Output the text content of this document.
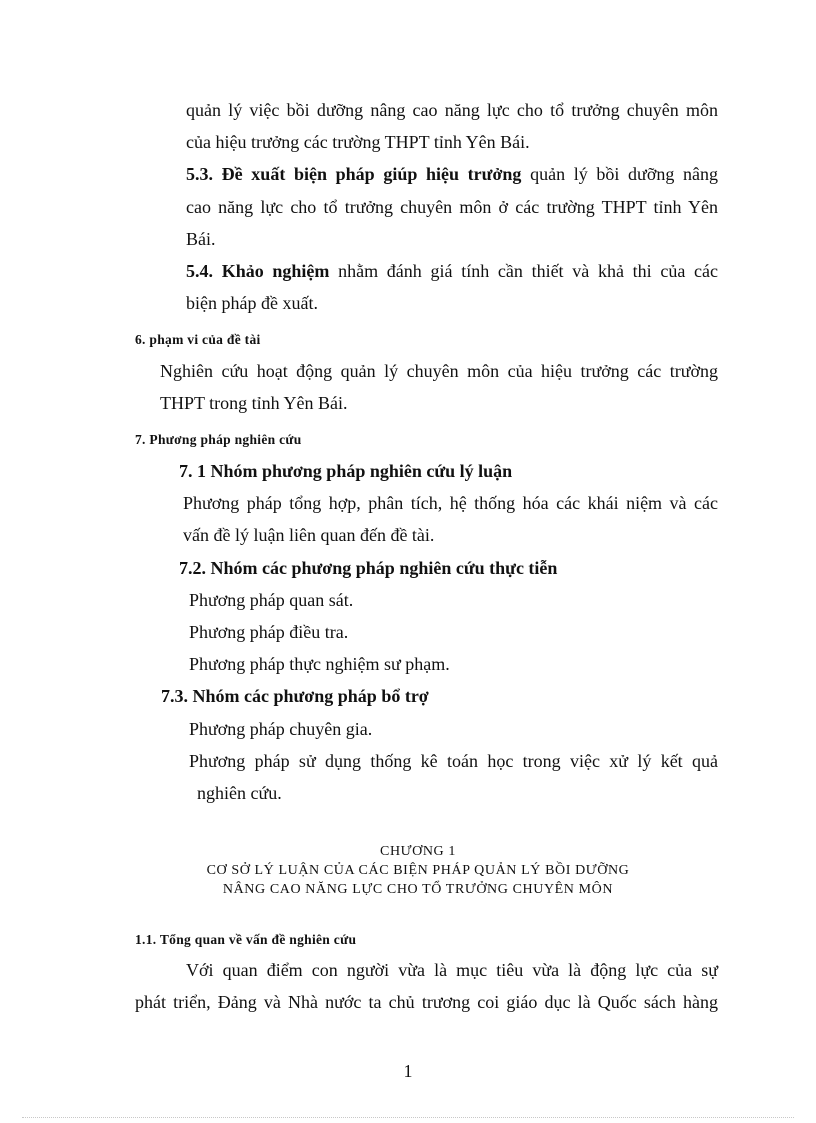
quản lý việc bồi dưỡng nâng cao năng lực cho tổ trưởng chuyên môn
của hiệu trưởng các trường THPT tỉnh Yên Bái.
5.3. Đề xuất biện pháp giúp hiệu trưởng quản lý bồi dưỡng nâng
cao năng lực cho tổ trưởng chuyên môn ở các trường THPT tỉnh Yên
Bái.
5.4. Khảo nghiệm nhằm đánh giá tính cần thiết và khả thi của các
biện pháp đề xuất.
6. phạm vi của đề tài
Nghiên cứu hoạt động quản lý chuyên môn của hiệu trưởng các trường
THPT trong tỉnh Yên Bái.
7. Phương pháp nghiên cứu
7. 1 Nhóm phương pháp nghiên cứu lý luận
Phương pháp tổng hợp, phân tích, hệ thống hóa các khái niệm và các
vấn đề lý luận liên quan đến đề tài.
7.2. Nhóm các phương pháp nghiên cứu thực tiễn
Phương pháp quan sát.
Phương pháp điều tra.
Phương pháp thực nghiệm sư phạm.
7.3. Nhóm các phương pháp bổ trợ
Phương pháp chuyên gia.
Phương pháp sử dụng thống kê toán học trong việc xử lý kết quả
nghiên cứu.
CHƯƠNG 1
CƠ SỞ LÝ LUẬN CỦA CÁC BIỆN PHÁP QUẢN LÝ BỒI DƯỠNG
NÂNG CAO NĂNG LỰC CHO TỔ TRƯỞNG CHUYÊN MÔN
1.1. Tổng quan về vấn đề nghiên cứu
Với quan điểm con người vừa là mục tiêu vừa là động lực của sự
phát triển, Đảng và Nhà nước ta chủ trương coi giáo dục là Quốc sách hàng
1
